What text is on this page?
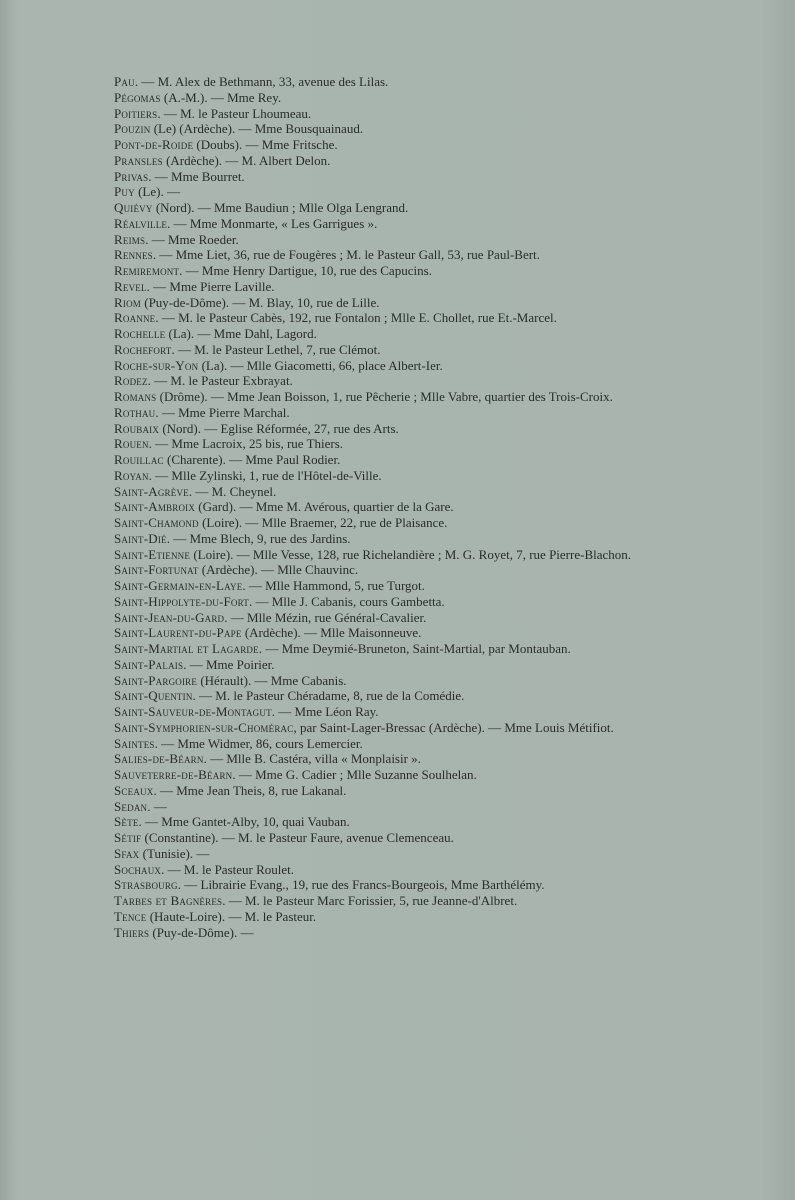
Pau. — M. Alex de Bethmann, 33, avenue des Lilas.
Pégomas (A.-M.). — Mme Rey.
Poitiers. — M. le Pasteur Lhoumeau.
Pouzin (Le) (Ardèche). — Mme Bousquainaud.
Pont-de-Roide (Doubs). — Mme Fritsche.
Pransles (Ardèche). — M. Albert Delon.
Privas. — Mme Bourret.
Puy (Le). —
Quiévy (Nord). — Mme Baudiun ; Mlle Olga Lengrand.
Réalville. — Mme Monmarte, « Les Garrigues ».
Reims. — Mme Roeder.
Rennes. — Mme Liet, 36, rue de Fougères ; M. le Pasteur Gall, 53, rue Paul-Bert.
Remiremont. — Mme Henry Dartigue, 10, rue des Capucins.
Revel. — Mme Pierre Laville.
Riom (Puy-de-Dôme). — M. Blay, 10, rue de Lille.
Roanne. — M. le Pasteur Cabès, 192, rue Fontalon ; Mlle E. Chollet, rue Et.-Marcel.
Rochelle (La). — Mme Dahl, Lagord.
Rochefort. — M. le Pasteur Lethel, 7, rue Clémot.
Roche-sur-Yon (La). — Mlle Giacometti, 66, place Albert-Ier.
Rodez. — M. le Pasteur Exbrayat.
Romans (Drôme). — Mme Jean Boisson, 1, rue Pêcherie ; Mlle Vabre, quartier des Trois-Croix.
Rothau. — Mme Pierre Marchal.
Roubaix (Nord). — Eglise Réformée, 27, rue des Arts.
Rouen. — Mme Lacroix, 25 bis, rue Thiers.
Rouillac (Charente). — Mme Paul Rodier.
Royan. — Mlle Zylinski, 1, rue de l'Hôtel-de-Ville.
Saint-Agrève. — M. Cheynel.
Saint-Ambroix (Gard). — Mme M. Avérous, quartier de la Gare.
Saint-Chamond (Loire). — Mlle Braemer, 22, rue de Plaisance.
Saint-Dié. — Mme Blech, 9, rue des Jardins.
Saint-Etienne (Loire). — Mlle Vesse, 128, rue Richelandière ; M. G. Royet, 7, rue Pierre-Blachon.
Saint-Fortunat (Ardèche). — Mlle Chauvinc.
Saint-Germain-en-Laye. — Mlle Hammond, 5, rue Turgot.
Saint-Hippolyte-du-Fort. — Mlle J. Cabanis, cours Gambetta.
Saint-Jean-du-Gard. — Mlle Mézin, rue Général-Cavalier.
Saint-Laurent-du-Pape (Ardèche). — Mlle Maisonneuve.
Saint-Martial et Lagarde. — Mme Deymié-Bruneton, Saint-Martial, par Montauban.
Saint-Palais. — Mme Poirier.
Saint-Pargoire (Hérault). — Mme Cabanis.
Saint-Quentin. — M. le Pasteur Chéradame, 8, rue de la Comédie.
Saint-Sauveur-de-Montagut. — Mme Léon Ray.
Saint-Symphorien-sur-Chomérac, par Saint-Lager-Bressac (Ardèche). — Mme Louis Métifiot.
Saintes. — Mme Widmer, 86, cours Lemercier.
Salies-de-Béarn. — Mlle B. Castéra, villa « Monplaisir ».
Sauveterre-de-Béarn. — Mme G. Cadier ; Mlle Suzanne Soulhelan.
Sceaux. — Mme Jean Theis, 8, rue Lakanal.
Sedan. —
Sète. — Mme Gantet-Alby, 10, quai Vauban.
Sétif (Constantine). — M. le Pasteur Faure, avenue Clemenceau.
Sfax (Tunisie). —
Sochaux. — M. le Pasteur Roulet.
Strasbourg. — Librairie Evang., 19, rue des Francs-Bourgeois, Mme Barthélémy.
Tarbes et Bagnères. — M. le Pasteur Marc Forissier, 5, rue Jeanne-d'Albret.
Tence (Haute-Loire). — M. le Pasteur.
Thiers (Puy-de-Dôme). —
